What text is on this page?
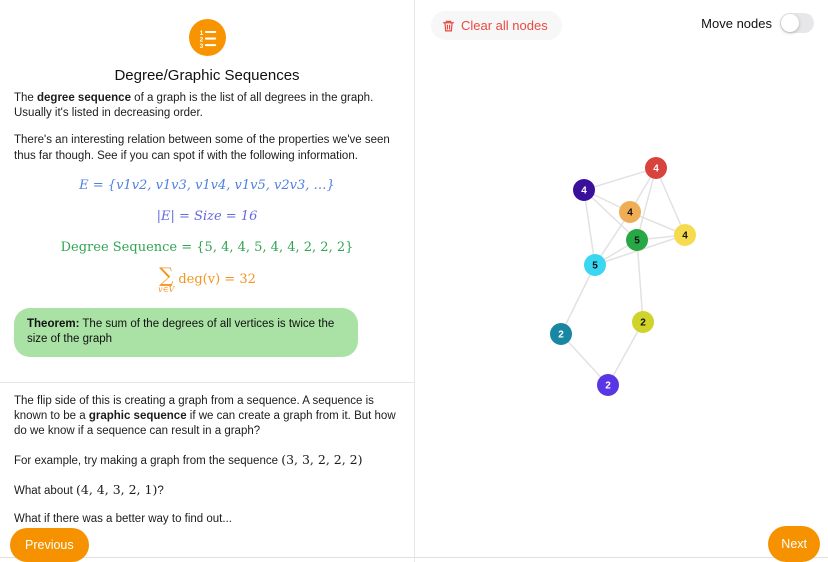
1
2
3
Degree/Graphic Sequences

The degree sequence of a graph is the list of all degrees in the graph. Usually it's listed in decreasing order.

There's an interesting relation between some of the properties we've seen thus far though. See if you can spot if with the following information.

E = {v1v2, v1v3, v1v4, v1v5, v2v3, …}
|E| = Size = 16
Degree Sequence = {5, 4, 4, 5, 4, 4, 2, 2, 2}
∑
v∈V
deg(v) = 32
Theorem: The sum of the degrees of all vertices is twice the size of the graph

The flip side of this is creating a graph from a sequence. A sequence is known to be a graphic sequence if we can create a graph from it. But how do we know if a sequence can result in a graph?

For example, try making a graph from the sequence (3, 3, 2, 2, 2)

What about (4, 4, 3, 2, 1)?

What if there was a better way to find out...

Clear all nodes	Move nodes
4
4
4
5	4
5
2
2
2
Previous	Next
